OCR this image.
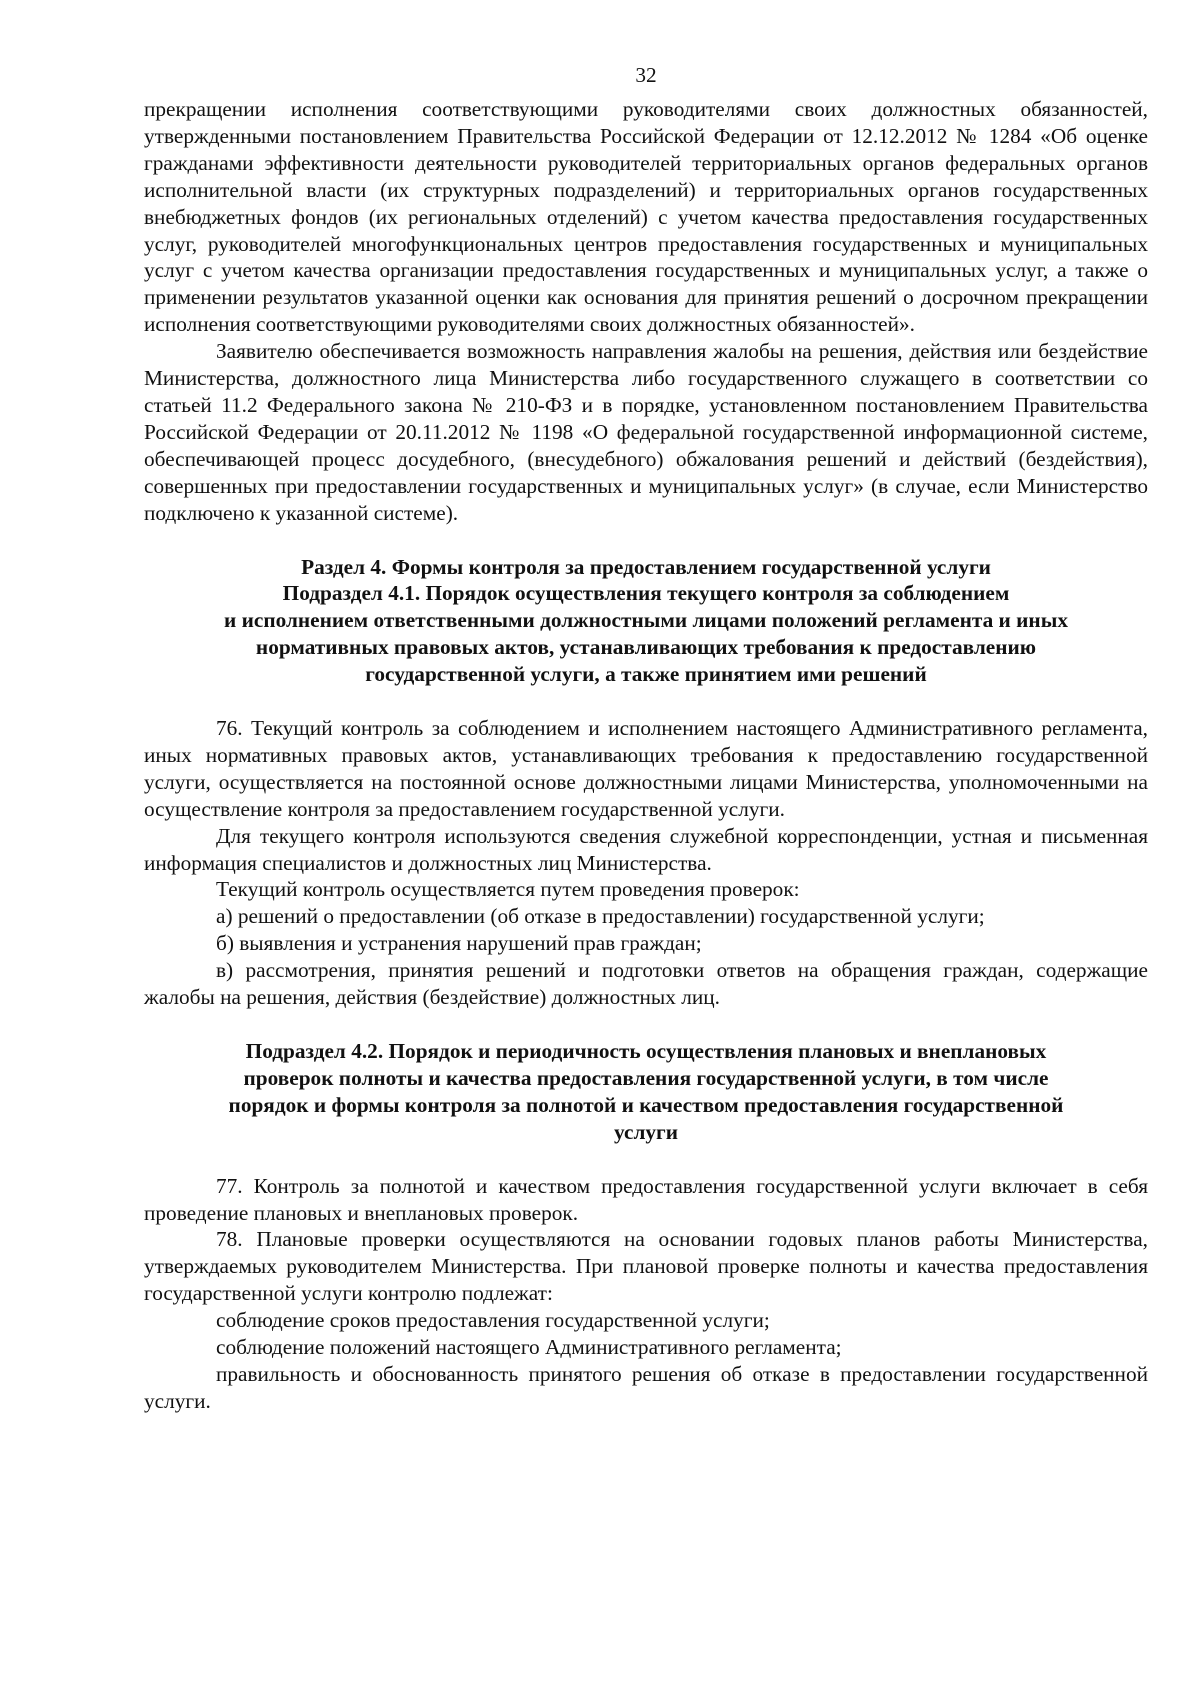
32

прекращении исполнения соответствующими руководителями своих должностных обязанностей, утвержденными постановлением Правительства Российской Федерации от 12.12.2012 № 1284 «Об оценке гражданами эффективности деятельности руководителей территориальных органов федеральных органов исполнительной власти (их структурных подразделений) и территориальных органов государственных внебюджетных фондов (их региональных отделений) с учетом качества предоставления государственных услуг, руководителей многофункциональных центров предоставления государственных и муниципальных услуг с учетом качества организации предоставления государственных и муниципальных услуг, а также о применении результатов указанной оценки как основания для принятия решений о досрочном прекращении исполнения соответствующими руководителями своих должностных обязанностей».

Заявителю обеспечивается возможность направления жалобы на решения, действия или бездействие Министерства, должностного лица Министерства либо государственного служащего в соответствии со статьей 11.2 Федерального закона № 210-ФЗ и в порядке, установленном постановлением Правительства Российской Федерации от 20.11.2012 № 1198 «О федеральной государственной информационной системе, обеспечивающей процесс досудебного, (внесудебного) обжалования решений и действий (бездействия), совершенных при предоставлении государственных и муниципальных услуг» (в случае, если Министерство подключено к указанной системе).

Раздел 4. Формы контроля за предоставлением государственной услуги
Подраздел 4.1. Порядок осуществления текущего контроля за соблюдением
и исполнением ответственными должностными лицами положений регламента и иных
нормативных правовых актов, устанавливающих требования к предоставлению
государственной услуги, а также принятием ими решений

76. Текущий контроль за соблюдением и исполнением настоящего Административного регламента, иных нормативных правовых актов, устанавливающих требования к предоставлению государственной услуги, осуществляется на постоянной основе должностными лицами Министерства, уполномоченными на осуществление контроля за предоставлением государственной услуги.

Для текущего контроля используются сведения служебной корреспонденции, устная и письменная информация специалистов и должностных лиц Министерства.

Текущий контроль осуществляется путем проведения проверок:

а) решений о предоставлении (об отказе в предоставлении) государственной услуги;

б) выявления и устранения нарушений прав граждан;

в) рассмотрения, принятия решений и подготовки ответов на обращения граждан, содержащие жалобы на решения, действия (бездействие) должностных лиц.

Подраздел 4.2. Порядок и периодичность осуществления плановых и внеплановых
проверок полноты и качества предоставления государственной услуги, в том числе
порядок и формы контроля за полнотой и качеством предоставления государственной
услуги

77. Контроль за полнотой и качеством предоставления государственной услуги включает в себя проведение плановых и внеплановых проверок.

78. Плановые проверки осуществляются на основании годовых планов работы Министерства, утверждаемых руководителем Министерства. При плановой проверке полноты и качества предоставления государственной услуги контролю подлежат:

соблюдение сроков предоставления государственной услуги;

соблюдение положений настоящего Административного регламента;

правильность и обоснованность принятого решения об отказе в предоставлении государственной услуги.
